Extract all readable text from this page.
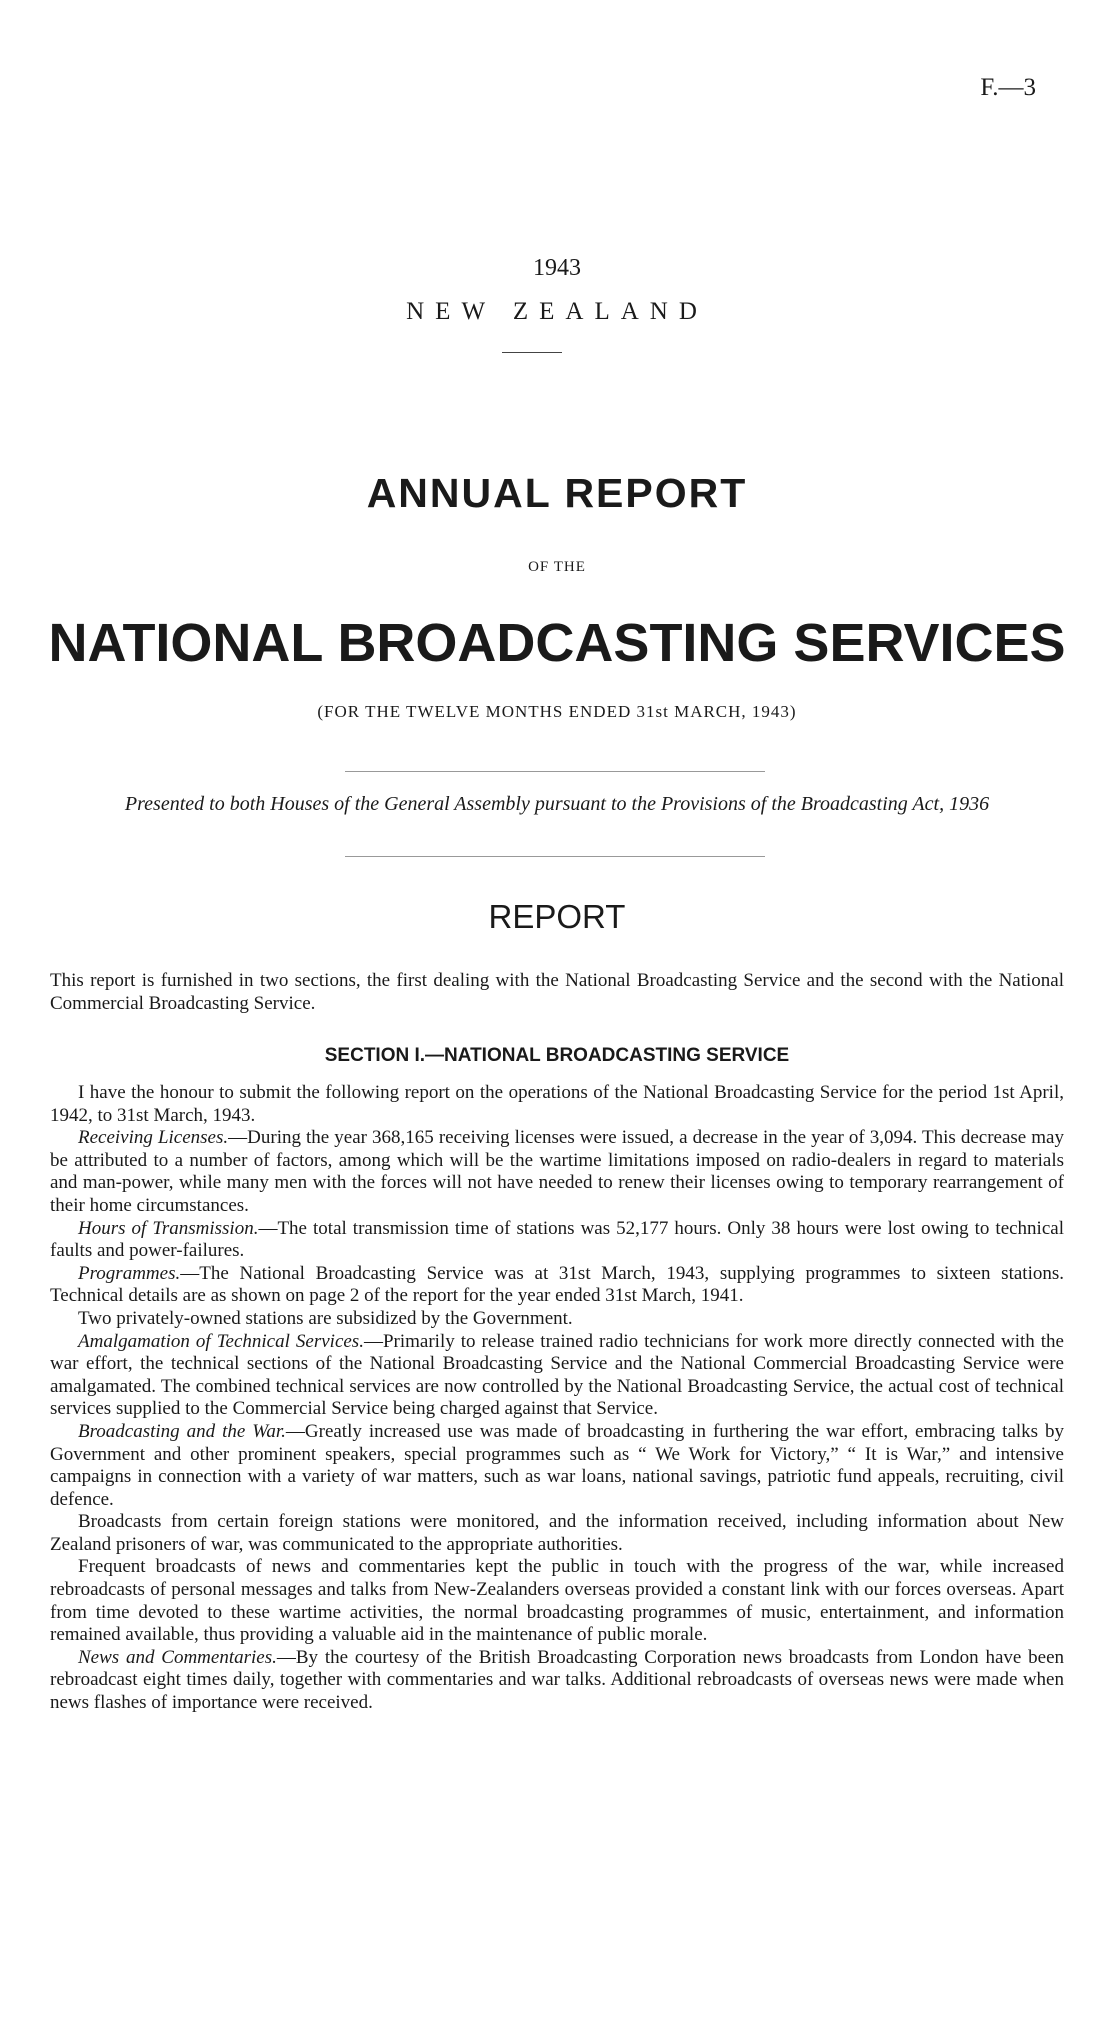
F.—3
1943
NEW ZEALAND
ANNUAL REPORT
OF THE
NATIONAL BROADCASTING SERVICES
(FOR THE TWELVE MONTHS ENDED 31st MARCH, 1943)
Presented to both Houses of the General Assembly pursuant to the Provisions of the Broadcasting Act, 1936
REPORT
This report is furnished in two sections, the first dealing with the National Broadcasting Service and the second with the National Commercial Broadcasting Service.
SECTION I.—NATIONAL BROADCASTING SERVICE

I have the honour to submit the following report on the operations of the National Broadcasting Service for the period 1st April, 1942, to 31st March, 1943.

Receiving Licenses.—During the year 368,165 receiving licenses were issued, a decrease in the year of 3,094. This decrease may be attributed to a number of factors, among which will be the wartime limitations imposed on radio-dealers in regard to materials and man-power, while many men with the forces will not have needed to renew their licenses owing to temporary rearrangement of their home circumstances.

Hours of Transmission.—The total transmission time of stations was 52,177 hours. Only 38 hours were lost owing to technical faults and power-failures.

Programmes.—The National Broadcasting Service was at 31st March, 1943, supplying programmes to sixteen stations. Technical details are as shown on page 2 of the report for the year ended 31st March, 1941.

Two privately-owned stations are subsidized by the Government.

Amalgamation of Technical Services.—Primarily to release trained radio technicians for work more directly connected with the war effort, the technical sections of the National Broadcasting Service and the National Commercial Broadcasting Service were amalgamated. The combined technical services are now controlled by the National Broadcasting Service, the actual cost of technical services supplied to the Commercial Service being charged against that Service.

Broadcasting and the War.—Greatly increased use was made of broadcasting in furthering the war effort, embracing talks by Government and other prominent speakers, special programmes such as “ We Work for Victory,” “ It is War,” and intensive campaigns in connection with a variety of war matters, such as war loans, national savings, patriotic fund appeals, recruiting, civil defence.

Broadcasts from certain foreign stations were monitored, and the information received, including information about New Zealand prisoners of war, was communicated to the appropriate authorities.

Frequent broadcasts of news and commentaries kept the public in touch with the progress of the war, while increased rebroadcasts of personal messages and talks from New-Zealanders overseas provided a constant link with our forces overseas. Apart from time devoted to these wartime activities, the normal broadcasting programmes of music, entertainment, and information remained available, thus providing a valuable aid in the maintenance of public morale.

News and Commentaries.—By the courtesy of the British Broadcasting Corporation news broadcasts from London have been rebroadcast eight times daily, together with commentaries and war talks. Additional rebroadcasts of overseas news were made when news flashes of importance were received.
